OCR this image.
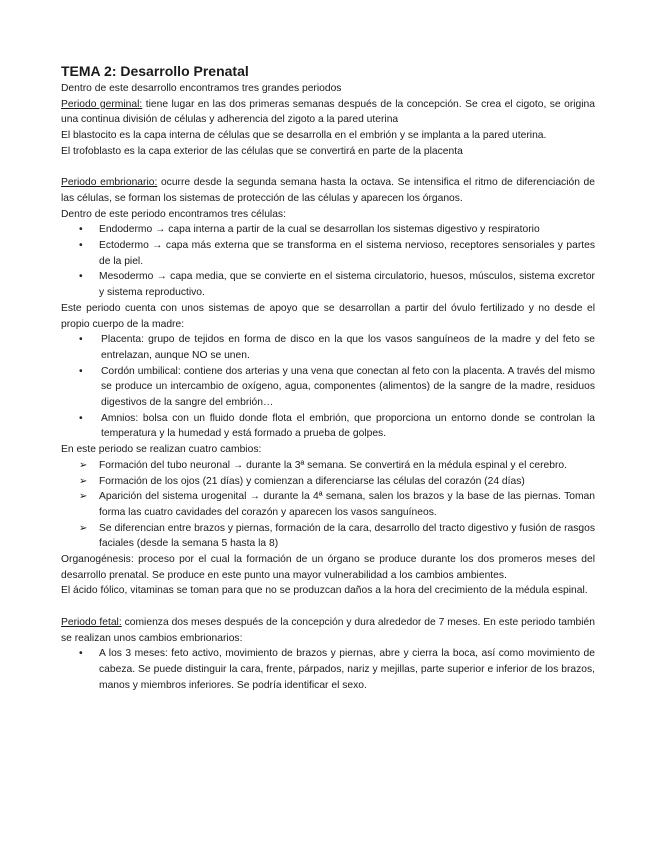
TEMA 2: Desarrollo Prenatal

Dentro de este desarrollo encontramos tres grandes periodos

Periodo germinal: tiene lugar en las dos primeras semanas después de la concepción. Se crea el cigoto, se origina una continua división de células y adherencia del zigoto a la pared uterina

El blastocito es la capa interna de células que se desarrolla en el embrión y se implanta a la pared uterina.

El trofoblasto es la capa exterior de las células que se convertirá en parte de la placenta

Periodo embrionario: ocurre desde la segunda semana hasta la octava. Se intensifica el ritmo de diferenciación de las células, se forman los sistemas de protección de las células y aparecen los órganos.

Dentro de este periodo encontramos tres células:

• Endodermo → capa interna a partir de la cual se desarrollan los sistemas digestivo y respiratorio
• Ectodermo → capa más externa que se transforma en el sistema nervioso, receptores sensoriales y partes de la piel.
• Mesodermo → capa media, que se convierte en el sistema circulatorio, huesos, músculos, sistema excretor y sistema reproductivo.

Este periodo cuenta con unos sistemas de apoyo que se desarrollan a partir del óvulo fertilizado y no desde el propio cuerpo de la madre:

• Placenta: grupo de tejidos en forma de disco en la que los vasos sanguíneos de la madre y del feto se entrelazan, aunque NO se unen.
• Cordón umbilical: contiene dos arterias y una vena que conectan al feto con la placenta. A través del mismo se produce un intercambio de oxígeno, agua, componentes (alimentos) de la sangre de la madre, residuos digestivos de la sangre del embrión…
• Amnios: bolsa con un fluido donde flota el embrión, que proporciona un entorno donde se controlan la temperatura y la humedad y está formado a prueba de golpes.

En este periodo se realizan cuatro cambios:

➢ Formación del tubo neuronal → durante la 3ª semana. Se convertirá en la médula espinal y el cerebro.
➢ Formación de los ojos (21 días) y comienzan a diferenciarse las células del corazón (24 días)
➢ Aparición del sistema urogenital → durante la 4ª semana, salen los brazos y la base de las piernas. Toman forma las cuatro cavidades del corazón y aparecen los vasos sanguíneos.
➢ Se diferencian entre brazos y piernas, formación de la cara, desarrollo del tracto digestivo y fusión de rasgos faciales (desde la semana 5 hasta la 8)

Organogénesis: proceso por el cual la formación de un órgano se produce durante los dos promeros meses del desarrollo prenatal. Se produce en este punto una mayor vulnerabilidad a los cambios ambientes.

El ácido fólico, vitaminas se toman para que no se produzcan daños a la hora del crecimiento de la médula espinal.

Periodo fetal: comienza dos meses después de la concepción y dura alrededor de 7 meses. En este periodo también se realizan unos cambios embrionarios:

• A los 3 meses: feto activo, movimiento de brazos y piernas, abre y cierra la boca, así como movimiento de cabeza. Se puede distinguir la cara, frente, párpados, nariz y mejillas, parte superior e inferior de los brazos, manos y miembros inferiores. Se podría identificar el sexo.
